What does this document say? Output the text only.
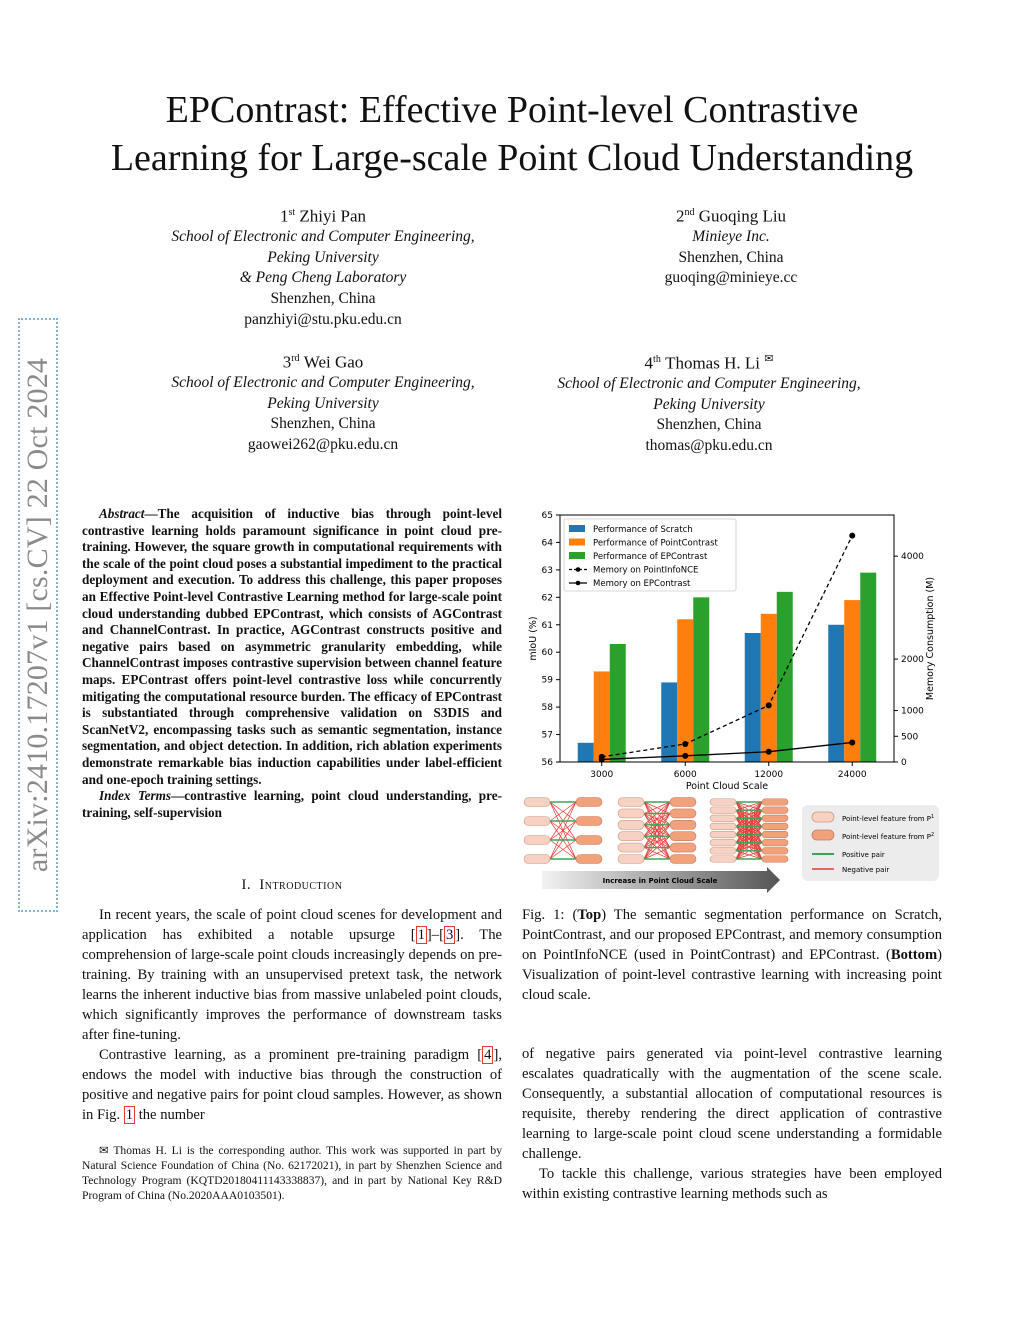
EPContrast: Effective Point-level Contrastive
Learning for Large-scale Point Cloud Understanding
arXiv:2410.17207v1 [cs.CV] 22 Oct 2024
1st Zhiyi Pan
School of Electronic and Computer Engineering,
Peking University
& Peng Cheng Laboratory
Shenzhen, China
panzhiyi@stu.pku.edu.cn
2nd Guoqing Liu
Minieye Inc.
Shenzhen, China
guoqing@minieye.cc
3rd Wei Gao
School of Electronic and Computer Engineering,
Peking University
Shenzhen, China
gaowei262@pku.edu.cn
4th Thomas H. Li ✉
School of Electronic and Computer Engineering,
Peking University
Shenzhen, China
thomas@pku.edu.cn
Abstract—The acquisition of inductive bias through point-level contrastive learning holds paramount significance in point cloud pre-training. However, the square growth in computational requirements with the scale of the point cloud poses a substantial impediment to the practical deployment and execution. To address this challenge, this paper proposes an Effective Point-level Contrastive Learning method for large-scale point cloud understanding dubbed EPContrast, which consists of AGContrast and ChannelContrast. In practice, AGContrast constructs positive and negative pairs based on asymmetric granularity embedding, while ChannelContrast imposes contrastive supervision between channel feature maps. EPContrast offers point-level contrastive loss while concurrently mitigating the computational resource burden. The efficacy of EPContrast is substantiated through comprehensive validation on S3DIS and ScanNetV2, encompassing tasks such as semantic segmentation, instance segmentation, and object detection. In addition, rich ablation experiments demonstrate remarkable bias induction capabilities under label-efficient and one-epoch training settings.
Index Terms—contrastive learning, point cloud understanding, pre-training, self-supervision
I. Introduction

In recent years, the scale of point cloud scenes for development and application has exhibited a notable upsurge [ 1 ]–[ 3 ]. The comprehension of large-scale point clouds increasingly depends on pre-training. By training with an unsupervised pretext task, the network learns the inherent inductive bias from massive unlabeled point clouds, which significantly improves the performance of downstream tasks after fine-tuning.

Contrastive learning, as a prominent pre-training paradigm [ 4 ], endows the model with inductive bias through the construction of positive and negative pairs for point cloud samples. However, as shown in Fig. 1 the number

✉ Thomas H. Li is the corresponding author. This work was supported in part by Natural Science Foundation of China (No. 62172021), in part by Shenzhen Science and Technology Program (KQTD20180411143338837), and in part by National Key R&D Program of China (No.2020AAA0103501).
56
57
58
59
60
61
62
63
64
65
0
500
1000
2000
4000
3000	6000	12000	24000
Point Cloud Scale
mIoU (%)	Memory Consumption (M)
Performance of Scratch
Performance of PointContrast
Performance of EPContrast
Memory on PointInfoNCE
Memory on EPContrast
Point-level feature from $P^1$
Point-level feature from $P^2$
Positive pair
Negative pair
Increase in Point Cloud Scale
Fig. 1: (Top) The semantic segmentation performance on Scratch, PointContrast, and our proposed EPContrast, and memory consumption on PointInfoNCE (used in PointContrast) and EPContrast. (Bottom) Visualization of point-level contrastive learning with increasing point cloud scale.

of negative pairs generated via point-level contrastive learning escalates quadratically with the augmentation of the scene scale. Consequently, a substantial allocation of computational resources is requisite, thereby rendering the direct application of contrastive learning to large-scale point cloud scene understanding a formidable challenge.

To tackle this challenge, various strategies have been employed within existing contrastive learning methods such as
